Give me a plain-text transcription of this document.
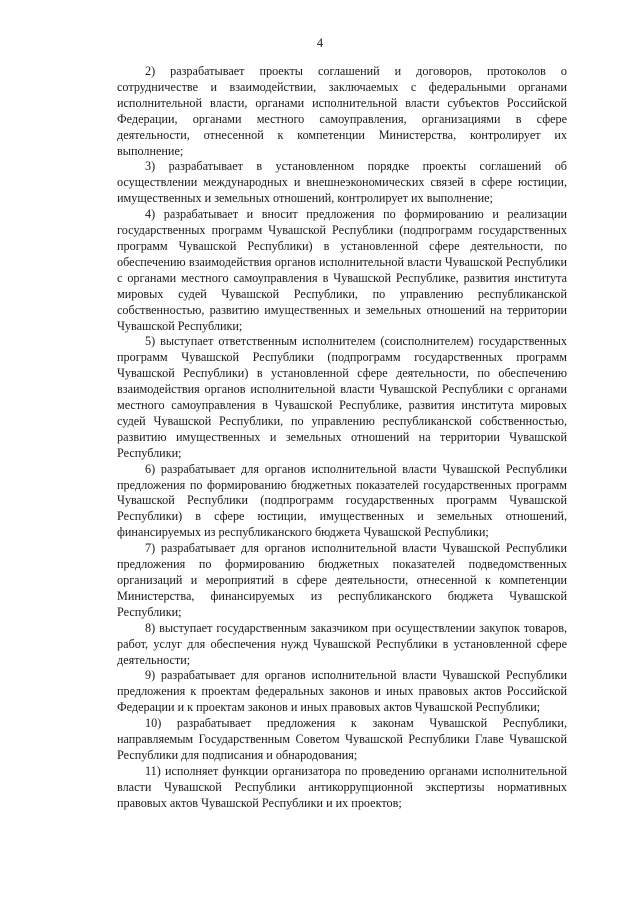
4

2) разрабатывает проекты соглашений и договоров, протоколов о сотрудничестве и взаимодействии, заключаемых с федеральными органами исполнительной власти, органами исполнительной власти субъектов Российской Федерации, органами местного самоуправления, организациями в сфере деятельности, отнесенной к компетенции Министерства, контролирует их выполнение;

3) разрабатывает в установленном порядке проекты соглашений об осуществлении международных и внешнеэкономических связей в сфере юстиции, имущественных и земельных отношений, контролирует их выполнение;

4) разрабатывает и вносит предложения по формированию и реализации государственных программ Чувашской Республики (подпрограмм государственных программ Чувашской Республики) в установленной сфере деятельности, по обеспечению взаимодействия органов исполнительной власти Чувашской Республики с органами местного самоуправления в Чувашской Республике, развития института мировых судей Чувашской Республики, по управлению республиканской собственностью, развитию имущественных и земельных отношений на территории Чувашской Республики;

5) выступает ответственным исполнителем (соисполнителем) государственных программ Чувашской Республики (подпрограмм государственных программ Чувашской Республики) в установленной сфере деятельности, по обеспечению взаимодействия органов исполнительной власти Чувашской Республики с органами местного самоуправления в Чувашской Республике, развития института мировых судей Чувашской Республики, по управлению республиканской собственностью, развитию имущественных и земельных отношений на территории Чувашской Республики;

6) разрабатывает для органов исполнительной власти Чувашской Республики предложения по формированию бюджетных показателей государственных программ Чувашской Республики (подпрограмм государственных программ Чувашской Республики) в сфере юстиции, имущественных и земельных отношений, финансируемых из республиканского бюджета Чувашской Республики;

7) разрабатывает для органов исполнительной власти Чувашской Республики предложения по формированию бюджетных показателей подведомственных организаций и мероприятий в сфере деятельности, отнесенной к компетенции Министерства, финансируемых из республиканского бюджета Чувашской Республики;

8) выступает государственным заказчиком при осуществлении закупок товаров, работ, услуг для обеспечения нужд Чувашской Республики в установленной сфере деятельности;

9) разрабатывает для органов исполнительной власти Чувашской Республики предложения к проектам федеральных законов и иных правовых актов Российской Федерации и к проектам законов и иных правовых актов Чувашской Республики;

10) разрабатывает предложения к законам Чувашской Республики, направляемым Государственным Советом Чувашской Республики Главе Чувашской Республики для подписания и обнародования;

11) исполняет функции организатора по проведению органами исполнительной власти Чувашской Республики антикоррупционной экспертизы нормативных правовых актов Чувашской Республики и их проектов;
